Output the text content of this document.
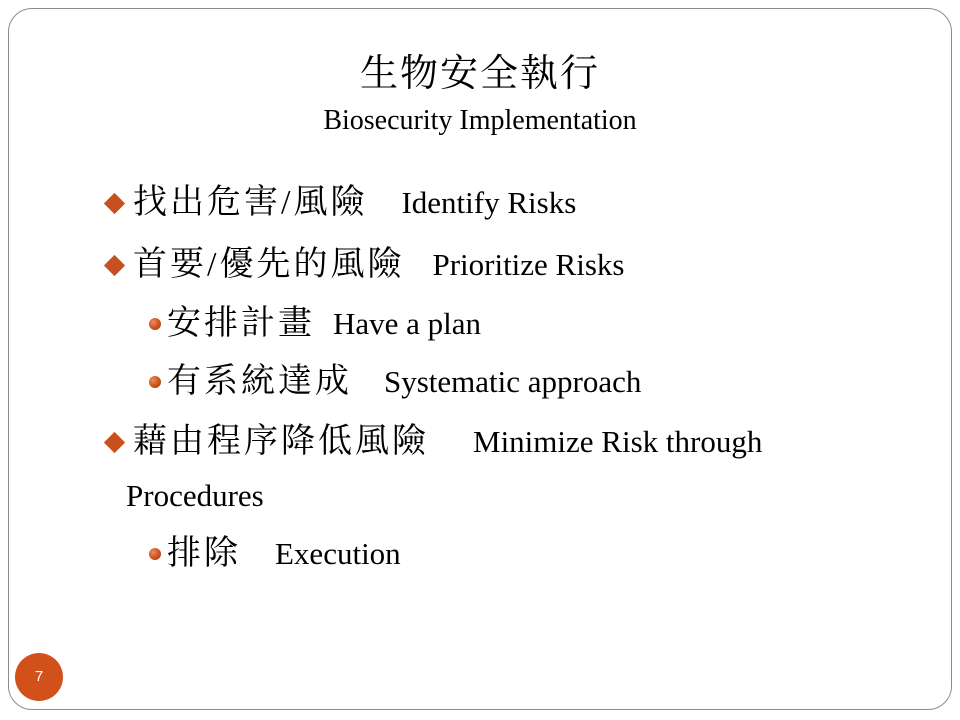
生物安全執行
Biosecurity Implementation
找出危害/風險 Identify Risks
首要/優先的風險 Prioritize Risks
安排計畫 Have a plan
有系統達成 Systematic approach
藉由程序降低風險 Minimize Risk through
Procedures
排除 Execution
7
